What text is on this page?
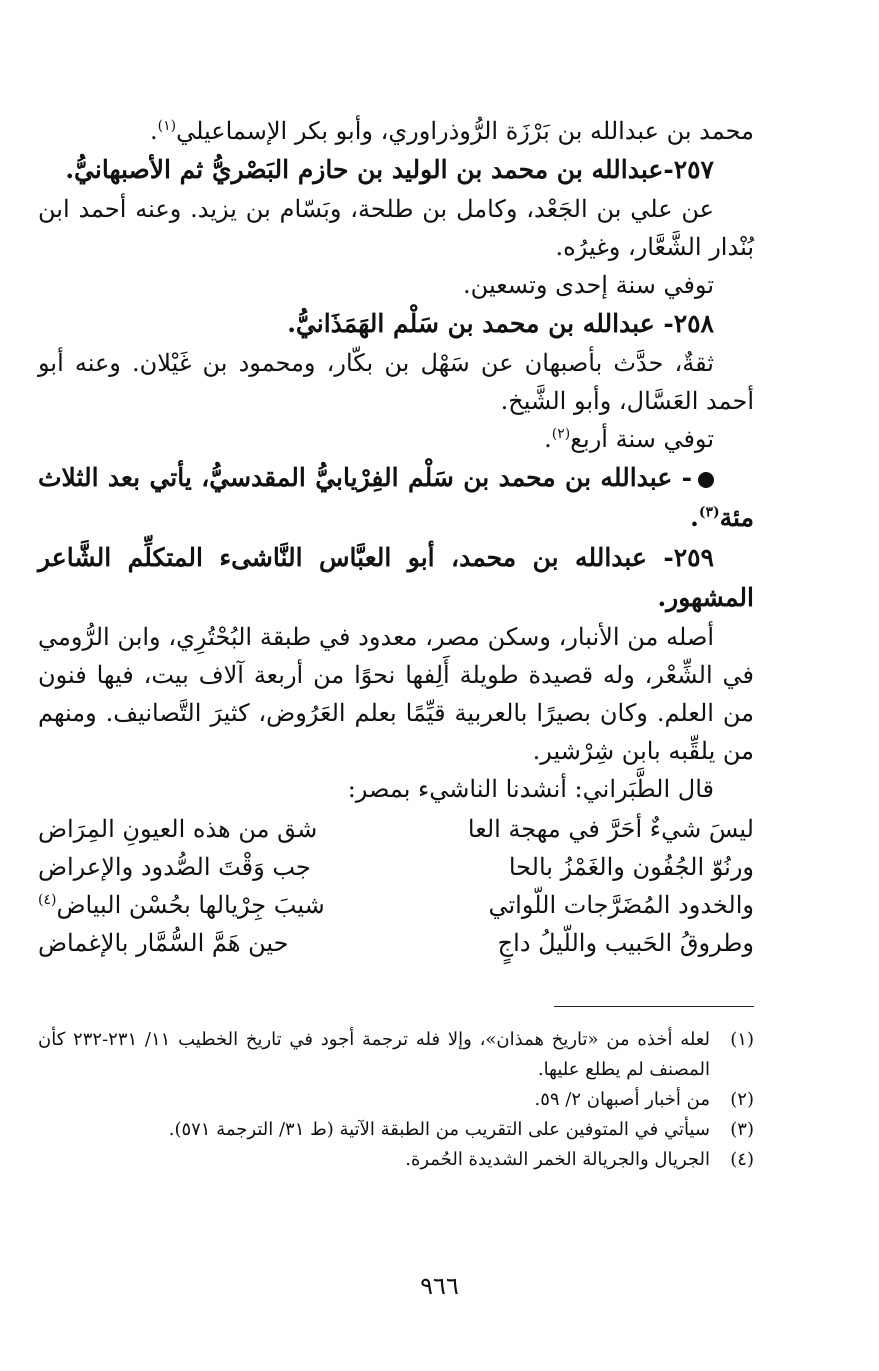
محمد بن عبدالله بن بَرْزَة الرُّوذراوري، وأبو بكر الإسماعيلي$^{(١)}$.

٢٥٧-عبدالله بن محمد بن الوليد بن حازم البَصْريُّ ثم الأصبهانيُّ.

عن علي بن الجَعْد، وكامل بن طلحة، وبَسّام بن يزيد. وعنه أحمد ابن بُنْدار الشَّعَّار، وغيرُه.

توفي سنة إحدى وتسعين.

٢٥٨- عبدالله بن محمد بن سَلْم الهَمَذَانيُّ.

ثقةٌ، حدَّث بأصبهان عن سَهْل بن بكّار، ومحمود بن غَيْلان. وعنه أبو أحمد العَسَّال، وأبو الشَّيخ.

توفي سنة أربع$^{(٢)}$.

- عبدالله بن محمد بن سَلْم الفِرْيابيُّ المقدسيُّ، يأتي بعد الثلاث مئة$^{(٣)}$.

٢٥٩- عبدالله بن محمد، أبو العبَّاس النَّاشىء المتكلِّم الشَّاعر المشهور.

أصله من الأنبار، وسكن مصر، معدود في طبقة البُحْتُرِي، وابن الرُّومي في الشِّعْر، وله قصيدة طويلة أَلِفها نحوًا من أربعة آلاف بيت، فيها فنون من العلم. وكان بصيرًا بالعربية قيِّمًا بعلم العَرُوض، كثيرَ التَّصانيف. ومنهم من يلقِّبه بابن شِرْشير.

قال الطَّبَراني: أنشدنا الناشيء بمصر:

ليسَ شيءٌ أحَرَّ في مهجة العا
شق من هذه العيونِ المِرَاض
ورنُوّ الجُفُون والغَمْزُ بالحا
جب وَقْتَ الصُّدود والإعراض
والخدود المُضَرَّجات اللّواتي
شيبَ جِرْيالها بحُسْن البياض$^{(٤)}$
وطروقُ الحَبيب واللّيلُ داجٍ
حين هَمَّ السُّمَّار بالإغماض

(١)لعله أخذه من «تاريخ همذان»، وإلا فله ترجمة أجود في تاريخ الخطيب ١١/ ٢٣١-٢٣٢ كأن المصنف لم يطلع عليها.

(٢)من أخبار أصبهان ٢/ ٥٩.

(٣)سيأتي في المتوفين على التقريب من الطبقة الآتية (ط ٣١/ الترجمة ٥٧١).

(٤)الجريال والجريالة الخمر الشديدة الحُمرة.

٩٦٦
